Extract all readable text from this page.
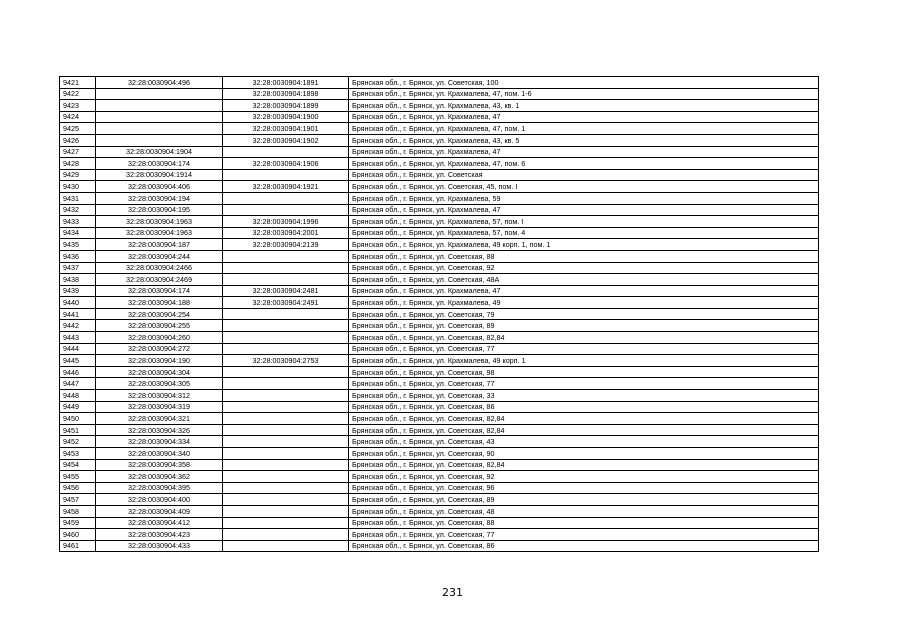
9421	32:28:0030904:496	32:28:0030904:1891	Брянская обл., г. Брянск, ул. Советская, 100
9422		32:28:0030904:1898	Брянская обл., г. Брянск, ул. Крахмалева, 47, пом. 1-6
9423		32:28:0030904:1899	Брянская обл., г. Брянск, ул. Крахмалева, 43, кв. 1
9424		32:28:0030904:1900	Брянская обл., г. Брянск, ул. Крахмалева, 47
9425		32:28:0030904:1901	Брянская обл., г. Брянск, ул. Крахмалева, 47, пом. 1
9426		32:28:0030904:1902	Брянская обл., г. Брянск, ул. Крахмалева, 43, кв. 5
9427	32:28:0030904:1904		Брянская обл., г. Брянск, ул. Крахмалева, 47
9428	32:28:0030904:174	32:28:0030904:1906	Брянская обл., г. Брянск, ул. Крахмалева, 47, пом. 6
9429	32:28:0030904:1914		Брянская обл., г. Брянск, ул. Советская
9430	32:28:0030904:406	32:28:0030904:1921	Брянская обл., г. Брянск, ул. Советская, 45, пом. I
9431	32:28:0030904:194		Брянская обл., г. Брянск, ул. Крахмалева, 59
9432	32:28:0030904:195		Брянская обл., г. Брянск, ул. Крахмалева, 47
9433	32:28:0030904:1963	32:28:0030904:1996	Брянская обл., г. Брянск, ул. Крахмалева, 57, пом. I
9434	32:28:0030904:1963	32:28:0030904:2001	Брянская обл., г. Брянск, ул. Крахмалева, 57, пом. 4
9435	32:28:0030904:187	32:28:0030904:2139	Брянская обл., г. Брянск, ул. Крахмалева, 49 корп. 1, пом. 1
9436	32:28:0030904:244		Брянская обл., г. Брянск, ул. Советская, 88
9437	32:28:0030904:2466		Брянская обл., г. Брянск, ул. Советская, 92
9438	32:28:0030904:2469		Брянская обл., г. Брянск, ул. Советская, 48А
9439	32:28:0030904:174	32:28:0030904:2481	Брянская обл., г. Брянск, ул. Крахмалева, 47
9440	32:28:0030904:188	32:28:0030904:2491	Брянская обл., г. Брянск, ул. Крахмалева, 49
9441	32:28:0030904:254		Брянская обл., г. Брянск, ул. Советская, 79
9442	32:28:0030904:255		Брянская обл., г. Брянск, ул. Советская, 89
9443	32:28:0030904:260		Брянская обл., г. Брянск, ул. Советская, 82,84
9444	32:28:0030904:272		Брянская обл., г. Брянск, ул. Советская, 77
9445	32:28:0030904:190	32:28:0030904:2753	Брянская обл., г. Брянск, ул. Крахмалева, 49 корп. 1
9446	32:28:0030904:304		Брянская обл., г. Брянск, ул. Советская, 98
9447	32:28:0030904:305		Брянская обл., г. Брянск, ул. Советская, 77
9448	32:28:0030904:312		Брянская обл., г. Брянск, ул. Советская, 33
9449	32:28:0030904:319		Брянская обл., г. Брянск, ул. Советская, 86
9450	32:28:0030904:321		Брянская обл., г. Брянск, ул. Советская, 82,84
9451	32:28:0030904:326		Брянская обл., г. Брянск, ул. Советская, 82,84
9452	32:28:0030904:334		Брянская обл., г. Брянск, ул. Советская, 43
9453	32:28:0030904:340		Брянская обл., г. Брянск, ул. Советская, 90
9454	32:28:0030904:358		Брянская обл., г. Брянск, ул. Советская, 82,84
9455	32:28:0030904:362		Брянская обл., г. Брянск, ул. Советская, 92
9456	32:28:0030904:395		Брянская обл., г. Брянск, ул. Советская, 96
9457	32:28:0030904:400		Брянская обл., г. Брянск, ул. Советская, 89
9458	32:28:0030904:409		Брянская обл., г. Брянск, ул. Советская, 48
9459	32:28:0030904:412		Брянская обл., г. Брянск, ул. Советская, 88
9460	32:28:0030904:423		Брянская обл., г. Брянск, ул. Советская, 77
9461	32:28:0030904:433		Брянская обл., г. Брянск, ул. Советская, 86
231
